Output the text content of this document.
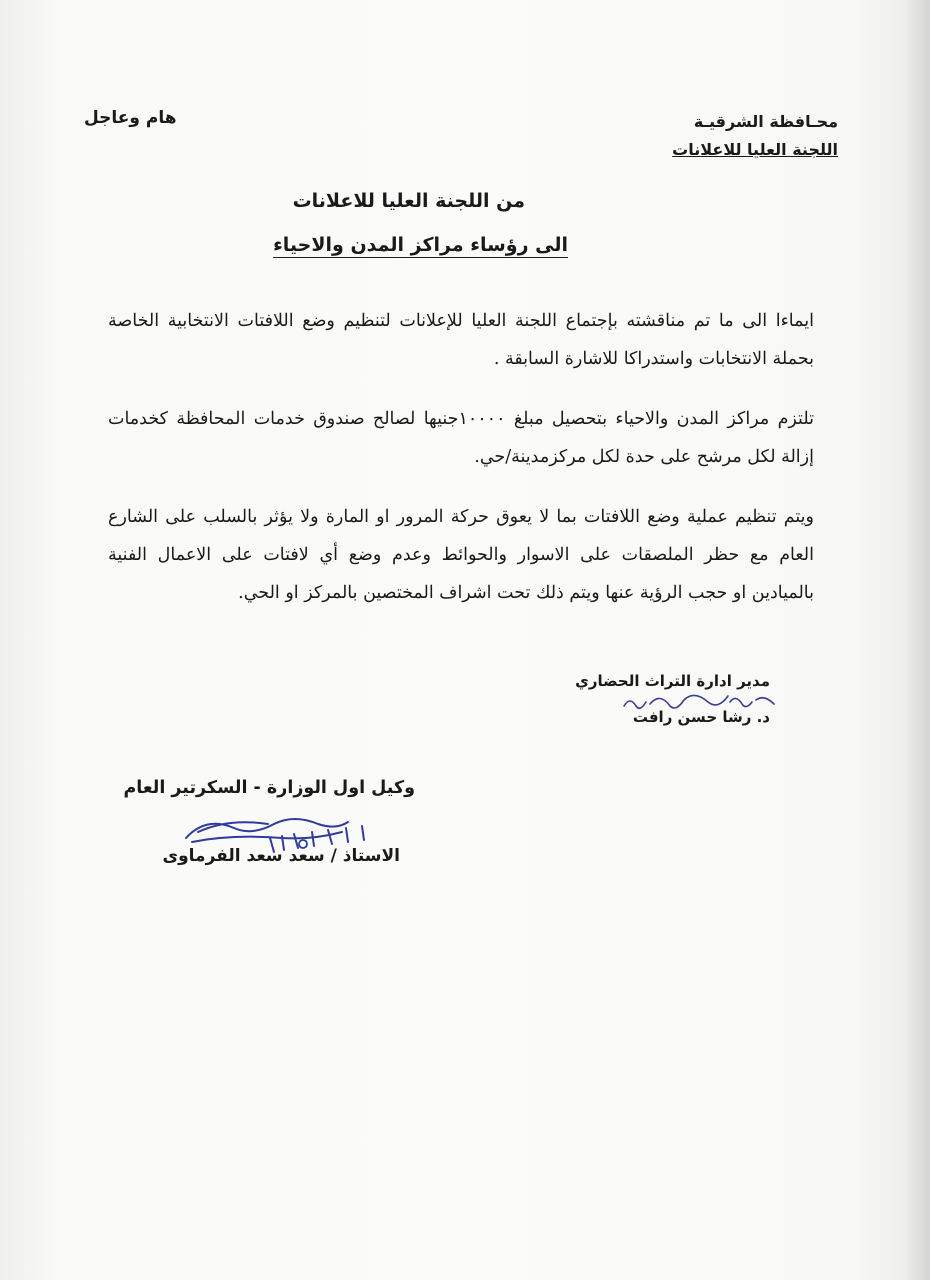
محـافظة الشرقيـة
اللجنة العليا للاعلانات
هام وعاجل
من اللجنة العليا للاعلانات
الى رؤساء مراكز المدن والاحياء
ايماءا الى ما تم مناقشته بإجتماع اللجنة العليا للإعلانات لتنظيم وضع اللافتات الانتخابية الخاصة بحملة الانتخابات واستدراكا للاشارة السابقة .
تلتزم مراكز المدن والاحياء بتحصيل مبلغ ١٠٠٠٠جنيها لصالح صندوق خدمات المحافظة كخدمات إزالة لكل مرشح على حدة لكل مركزمدينة/حي.
ويتم تنظيم عملية وضع اللافتات بما لا يعوق حركة المرور او المارة ولا يؤثر بالسلب على الشارع العام مع حظر الملصقات على الاسوار والحوائط وعدم وضع أي لافتات على الاعمال الفنية بالميادين او حجب الرؤية عنها ويتم ذلك تحت اشراف المختصين بالمركز او الحي.
مدير ادارة التراث الحضاري
د. رشا حسن رافت
وكيل اول الوزارة - السكرتير العام
الاستاذ / سعد سعد الفرماوى
